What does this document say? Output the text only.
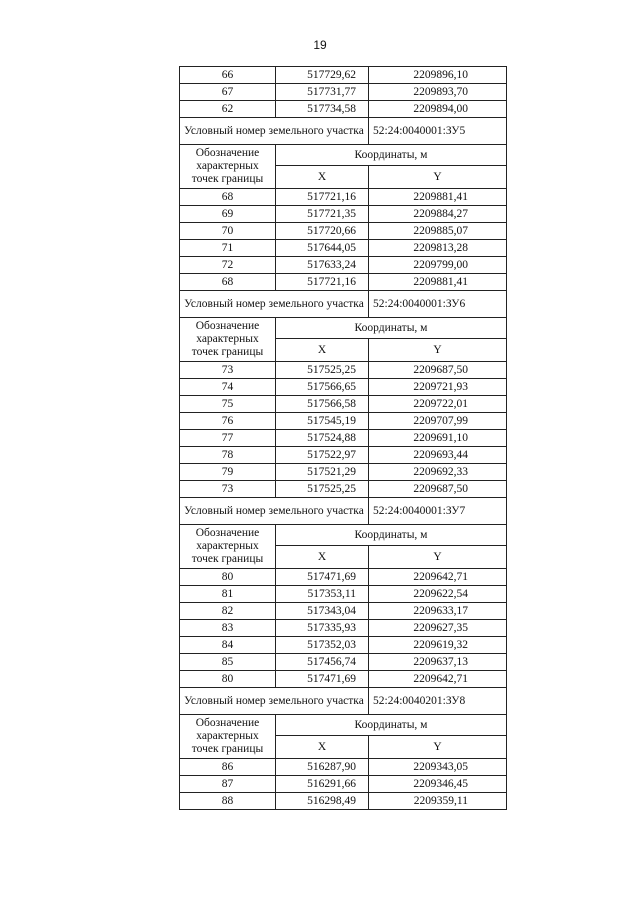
19
66	517729,62	2209896,10
67	517731,77	2209893,70
62	517734,58	2209894,00
Условный номер земельного участка		52:24:0040001:ЗУ5
Обозначение характерных точек границы	Координаты, м	
	X	Y
68	517721,16	2209881,41
69	517721,35	2209884,27
70	517720,66	2209885,07
71	517644,05	2209813,28
72	517633,24	2209799,00
68	517721,16	2209881,41
Условный номер земельного участка		52:24:0040001:ЗУ6
Обозначение характерных точек границы	Координаты, м	
	X	Y
73	517525,25	2209687,50
74	517566,65	2209721,93
75	517566,58	2209722,01
76	517545,19	2209707,99
77	517524,88	2209691,10
78	517522,97	2209693,44
79	517521,29	2209692,33
73	517525,25	2209687,50
Условный номер земельного участка		52:24:0040001:ЗУ7
Обозначение характерных точек границы	Координаты, м	
	X	Y
80	517471,69	2209642,71
81	517353,11	2209622,54
82	517343,04	2209633,17
83	517335,93	2209627,35
84	517352,03	2209619,32
85	517456,74	2209637,13
80	517471,69	2209642,71
Условный номер земельного участка		52:24:0040201:ЗУ8
Обозначение характерных точек границы	Координаты, м	
	X	Y
86	516287,90	2209343,05
87	516291,66	2209346,45
88	516298,49	2209359,11
